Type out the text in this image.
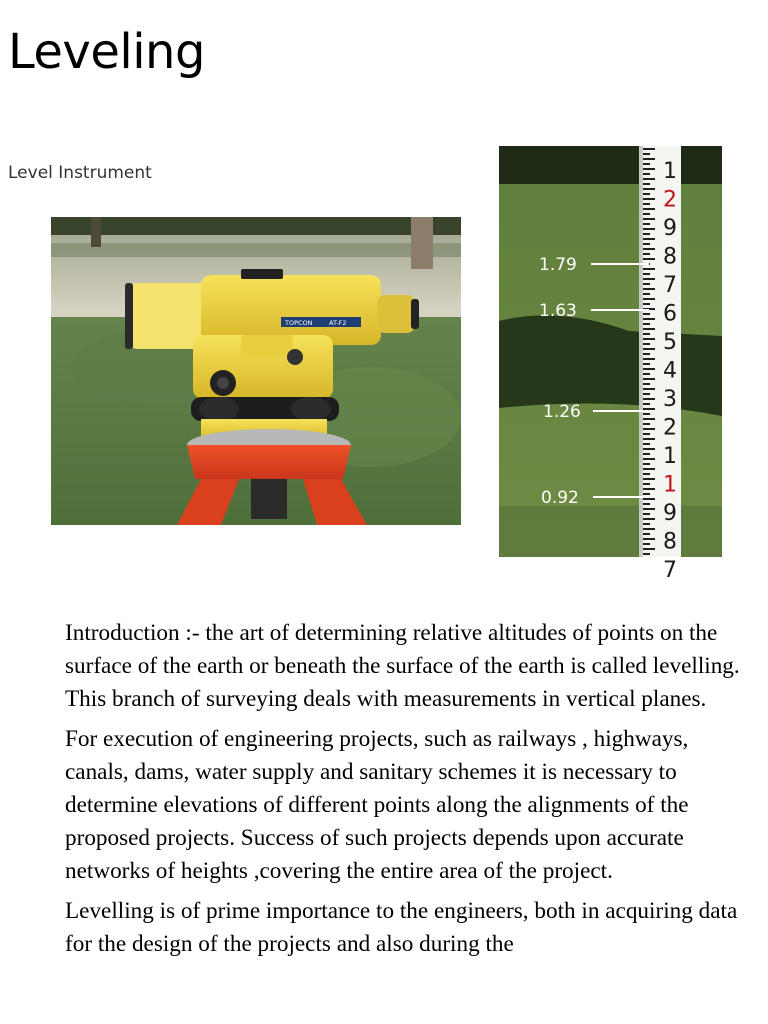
Leveling
Level Instrument
TOPCON	AT-F2
1
2
9
8
7
6
5
4
3
2
1
1
9
8
7
1.79
1.63
1.26
0.92

Introduction :- the art of determining relative altitudes of points on the surface of the earth or beneath the surface of the earth is called levelling. This branch of surveying deals with measurements in vertical planes.

For execution of engineering projects, such as railways , highways, canals, dams, water supply and sanitary schemes it is necessary to determine elevations of different points along the alignments of the proposed projects. Success of such projects depends upon accurate networks of heights ,covering the entire area of the project.

Levelling is of prime importance to the engineers, both in acquiring data for the design of the projects and also during the
